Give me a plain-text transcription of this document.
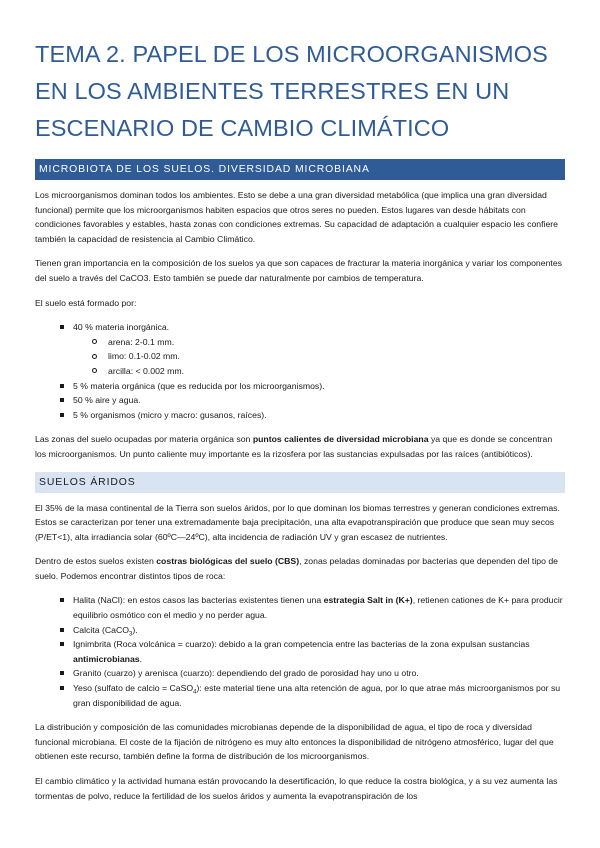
TEMA 2. PAPEL DE LOS MICROORGANISMOS EN LOS AMBIENTES TERRESTRES EN UN ESCENARIO DE CAMBIO CLIMÁTICO
MICROBIOTA DE LOS SUELOS. DIVERSIDAD MICROBIANA

Los microorganismos dominan todos los ambientes. Esto se debe a una gran diversidad metabólica (que implica una gran diversidad funcional) permite que los microorganismos habiten espacios que otros seres no pueden. Estos lugares van desde hábitats con condiciones favorables y estables, hasta zonas con condiciones extremas. Su capacidad de adaptación a cualquier espacio les confiere también la capacidad de resistencia al Cambio Climático.

Tienen gran importancia en la composición de los suelos ya que son capaces de fracturar la materia inorgánica y variar los componentes del suelo a través del CaCO3. Esto también se puede dar naturalmente por cambios de temperatura.

El suelo está formado por:

40 % materia inorgánica.
arena: 2-0.1 mm.
limo: 0.1-0.02 mm.
arcilla: < 0.002 mm.
5 % materia orgánica (que es reducida por los microorganismos).
50 % aire y agua.
5 % organismos (micro y macro: gusanos, raíces).

Las zonas del suelo ocupadas por materia orgánica son puntos calientes de diversidad microbiana ya que es donde se concentran los microorganismos. Un punto caliente muy importante es la rizosfera por las sustancias expulsadas por las raíces (antibióticos).

SUELOS ÁRIDOS

El 35% de la masa continental de la Tierra son suelos áridos, por lo que dominan los biomas terrestres y generan condiciones extremas. Estos se caracterizan por tener una extremadamente baja precipitación, una alta evapotranspiración que produce que sean muy secos (P/ET<1), alta irradiancia solar (60ºC—24ºC), alta incidencia de radiación UV y gran escasez de nutrientes.

Dentro de estos suelos existen costras biológicas del suelo (CBS), zonas peladas dominadas por bacterias que dependen del tipo de suelo. Podemos encontrar distintos tipos de roca:

Halita (NaCl): en estos casos las bacterias existentes tienen una estrategia Salt in (K+), retienen cationes de K+ para producir equilibrio osmótico con el medio y no perder agua.
Calcita (CaCO$_3$).
Ignimbrita (Roca volcánica = cuarzo): debido a la gran competencia entre las bacterias de la zona expulsan sustancias antimicrobianas.
Granito (cuarzo) y arenisca (cuarzo): dependiendo del grado de porosidad hay uno u otro.
Yeso (sulfato de calcio = CaSO$_4$): este material tiene una alta retención de agua, por lo que atrae más microorganismos por su gran disponibilidad de agua.

La distribución y composición de las comunidades microbianas depende de la disponibilidad de agua, el tipo de roca y diversidad funcional microbiana. El coste de la fijación de nitrógeno es muy alto entonces la disponibilidad de nitrógeno atmosférico, lugar del que obtienen este recurso, también define la forma de distribución de los microorganismos.

El cambio climático y la actividad humana están provocando la desertificación, lo que reduce la costra biológica, y a su vez aumenta las tormentas de polvo, reduce la fertilidad de los suelos áridos y aumenta la evapotranspiración de los
